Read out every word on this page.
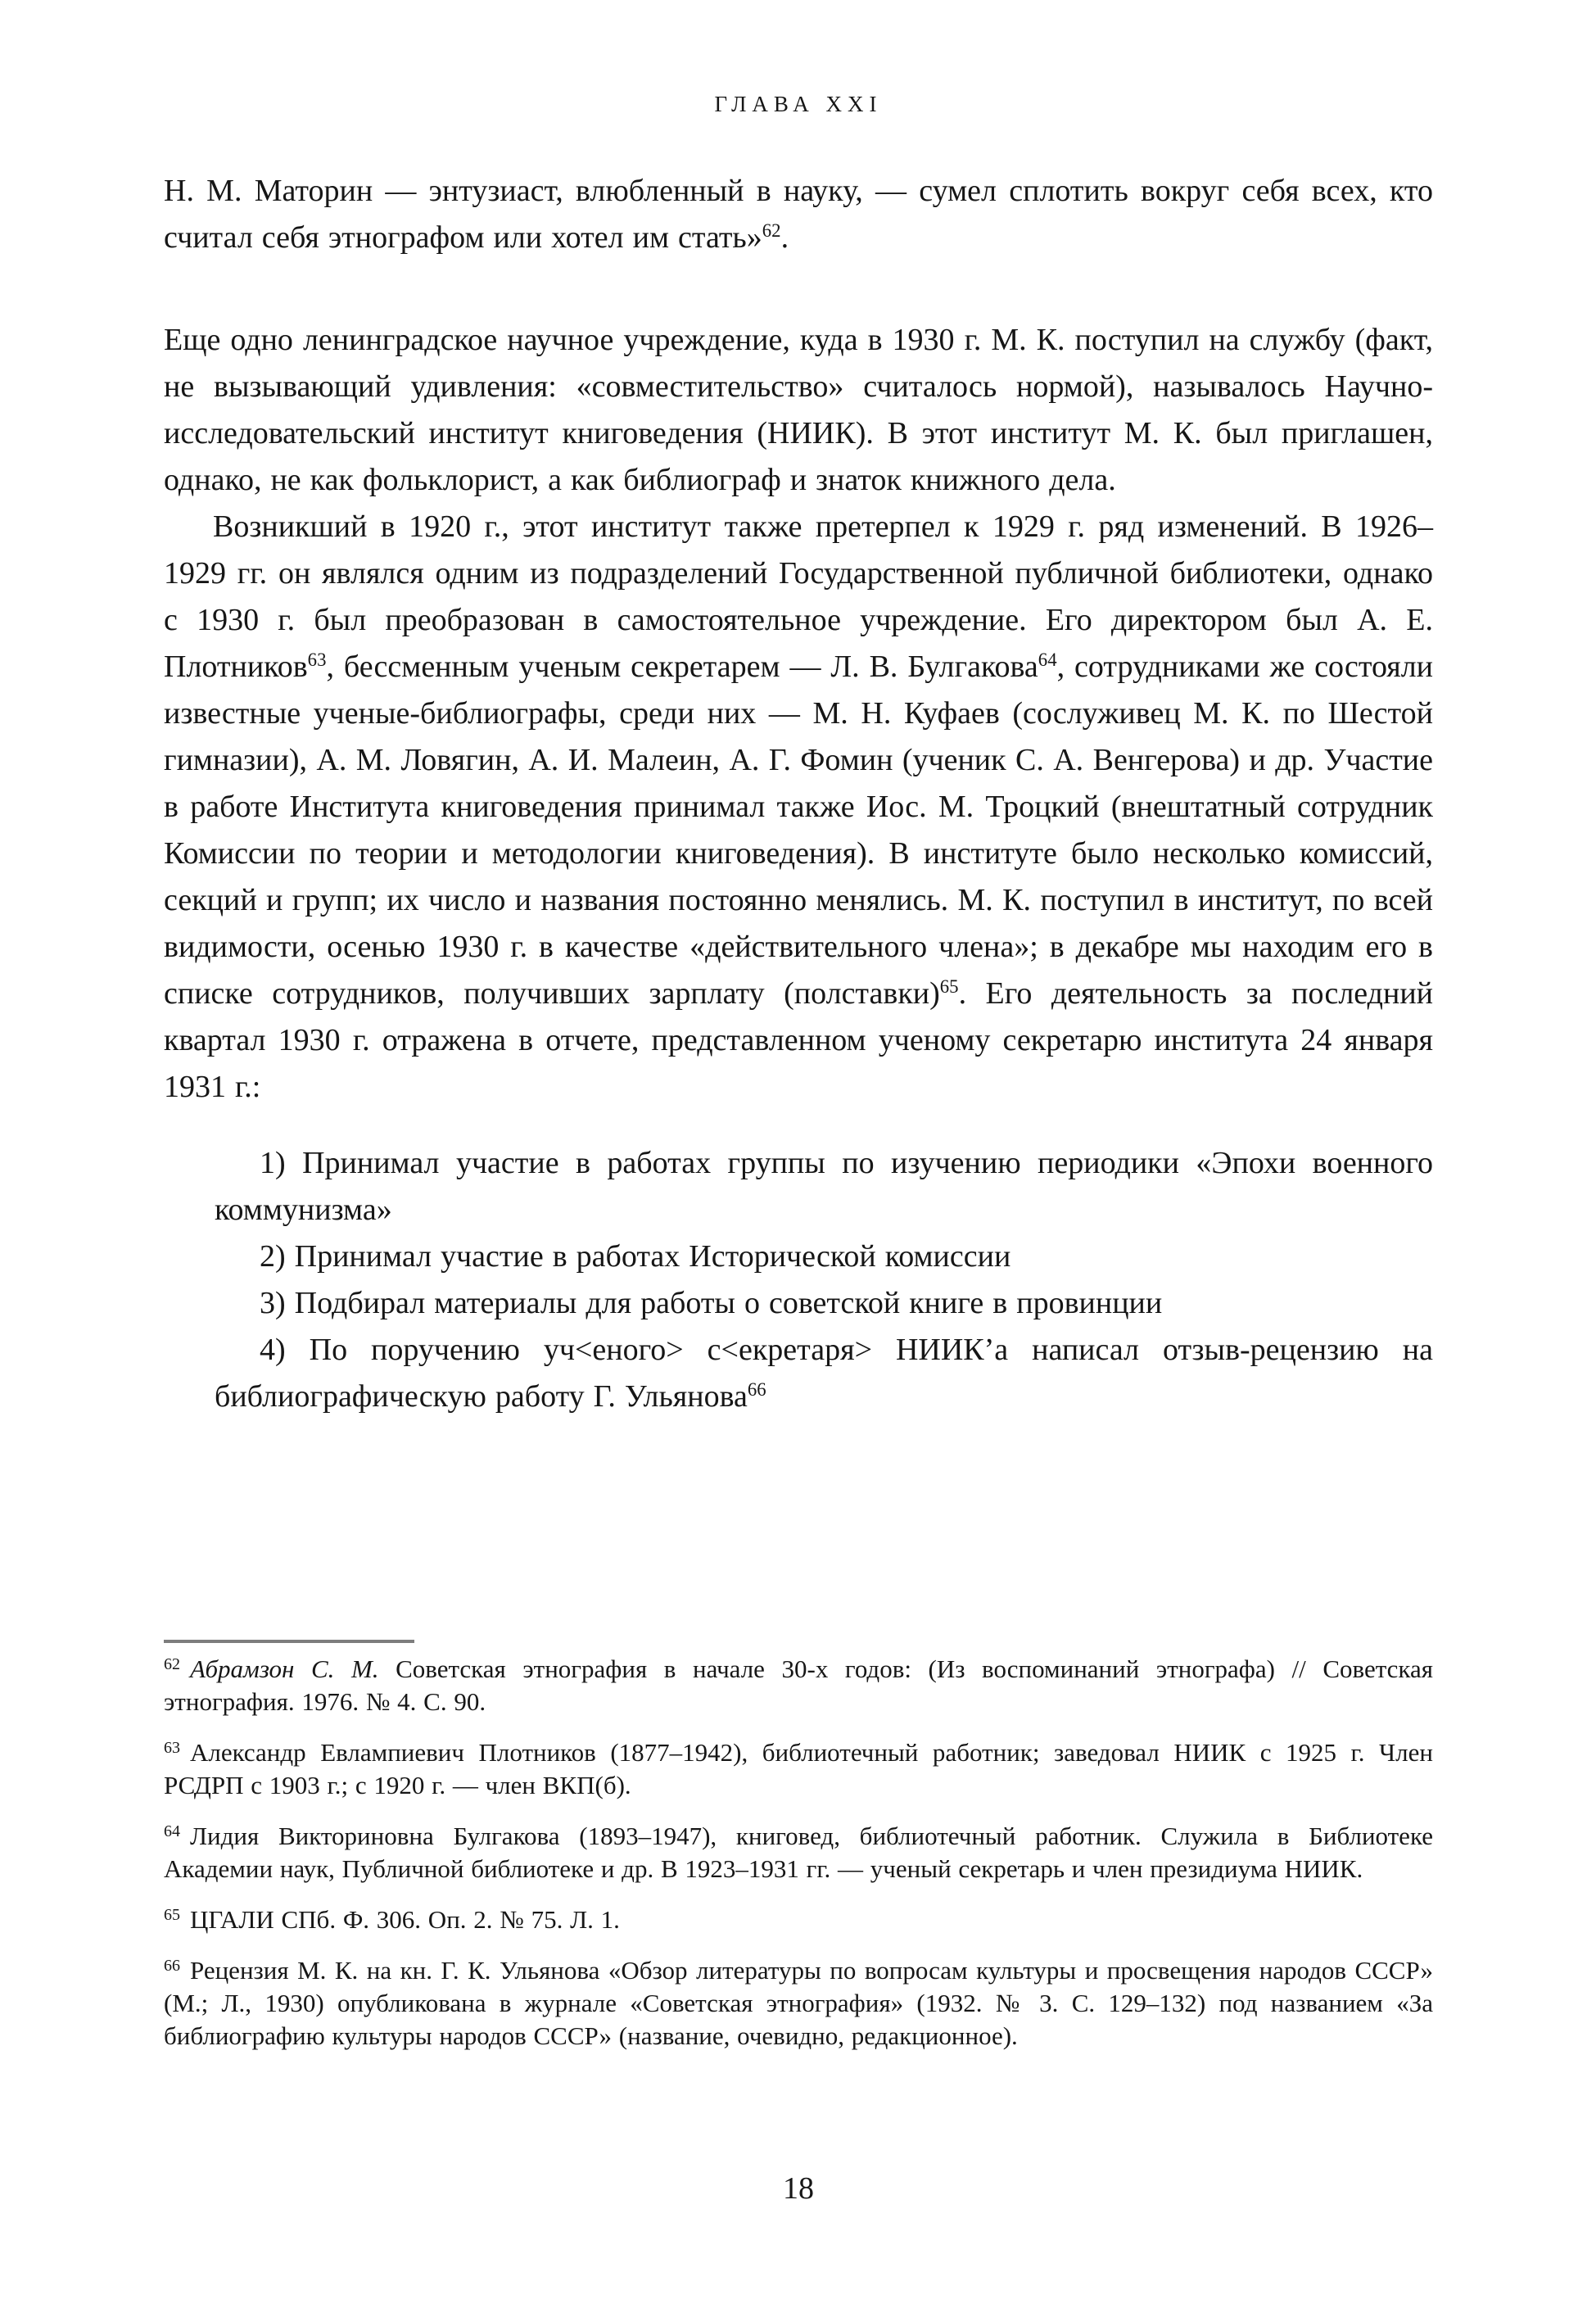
ГЛАВА XXI

Н. М. Маторин — энтузиаст, влюбленный в науку, — сумел сплотить вокруг себя всех, кто считал себя этнографом или хотел им стать»$^{62}$.

Еще одно ленинградское научное учреждение, куда в 1930 г. М. К. поступил на службу (факт, не вызывающий удивления: «совместительство» считалось нормой), называлось Научно-исследовательский институт книговедения (НИИК). В этот институт М. К. был приглашен, однако, не как фольклорист, а как библиограф и знаток книжного дела.

Возникший в 1920 г., этот институт также претерпел к 1929 г. ряд изменений. В 1926–1929 гг. он являлся одним из подразделений Государственной публичной библиотеки, однако с 1930 г. был преобразован в самостоятельное учреждение. Его директором был А. Е. Плотников$^{63}$, бессменным ученым секретарем — Л. В. Булгакова$^{64}$, сотрудниками же состояли известные ученые-библиографы, среди них — М. Н. Куфаев (сослуживец М. К. по Шестой гимназии), А. М. Ловягин, А. И. Малеин, А. Г. Фомин (ученик С. А. Венгерова) и др. Участие в работе Института книговедения принимал также Иос. М. Троцкий (внештатный сотрудник Комиссии по теории и методологии книговедения). В институте было несколько комиссий, секций и групп; их число и названия постоянно менялись. М. К. поступил в институт, по всей видимости, осенью 1930 г. в качестве «действительного члена»; в декабре мы находим его в списке сотрудников, получивших зарплату (полставки)$^{65}$. Его деятельность за последний квартал 1930 г. отражена в отчете, представленном ученому секретарю института 24 января 1931 г.:

1) Принимал участие в работах группы по изучению периодики «Эпохи военного коммунизма»

2) Принимал участие в работах Исторической комиссии

3) Подбирал материалы для работы о советской книге в провинции

4) По поручению уч<еного> с<екретаря> НИИК’а написал отзыв-рецензию на библиографическую работу Г. Ульянова$^{66}$

$^{62}$ Абрамзон С. М. Советская этнография в начале 30-х годов: (Из воспоминаний этнографа) // Советская этнография. 1976. № 4. С. 90.

$^{63}$ Александр Евлампиевич Плотников (1877–1942), библиотечный работник; заведовал НИИК с 1925 г. Член РСДРП с 1903 г.; с 1920 г. — член ВКП(б).

$^{64}$ Лидия Викториновна Булгакова (1893–1947), книговед, библиотечный работник. Служила в Библиотеке Академии наук, Публичной библиотеке и др. В 1923–1931 гг. — ученый секретарь и член президиума НИИК.

$^{65}$ ЦГАЛИ СПб. Ф. 306. Оп. 2. № 75. Л. 1.

$^{66}$ Рецензия М. К. на кн. Г. К. Ульянова «Обзор литературы по вопросам культуры и просвещения народов СССР» (М.; Л., 1930) опубликована в журнале «Советская этнография» (1932. № 3. С. 129–132) под названием «За библиографию культуры народов СССР» (название, очевидно, редакционное).

18
